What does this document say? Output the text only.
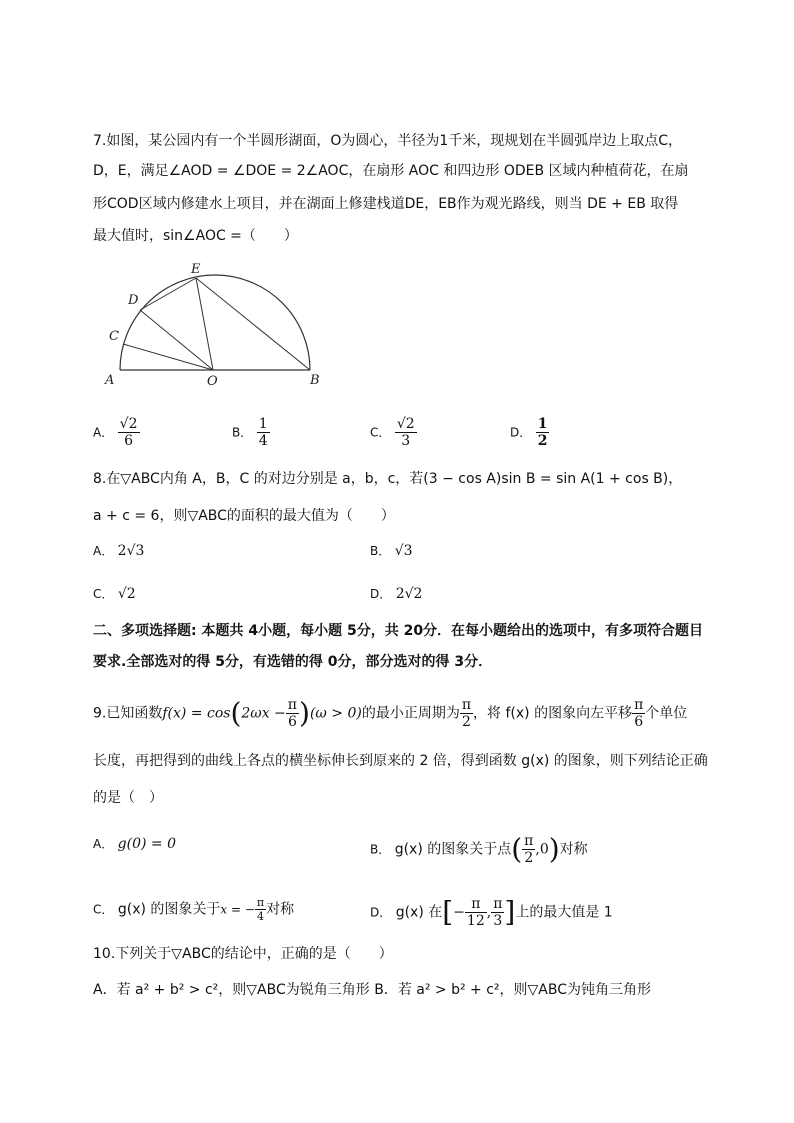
7.如图，某公园内有一个半圆形湖面，O为圆心，半径为1千米，现规划在半圆弧岸边上取点C，
D，E，满足∠AOD = ∠DOE = 2∠AOC，在扇形 AOC 和四边形 ODEB 区域内种植荷花，在扇
形COD区域内修建水上项目，并在湖面上修建栈道DE，EB作为观光路线，则当 DE + EB 取得
最大值时，sin∠AOC =（　　）
A	O	B
C
D
E
A． $\frac{√2}{6}$	B． $\frac{1}{4}$	C． $\frac{√2}{3}$	D． $\frac{1}{2}$
8.在▽ABC内角 A，B，C 的对边分别是 a，b，c，若(3 − cos A)sin B = sin A(1 + cos B)，
a + c = 6，则▽ABC的面积的最大值为（　　）
A． 2√3	B． √3
C． √2	D． 2√2
二、多项选择题: 本题共 4小题，每小题 5分，共 20分．在每小题给出的选项中，有多项符合题目
要求.全部选对的得 5分，有选错的得 0分，部分选对的得 3分．
9.已知函数$f(x) = \cos(2\omega x - \frac{\pi}{6} )(\omega > 0)$的最小正周期为 $\frac{\pi}{2}$ ，将 f(x) 的图象向左平移 $\frac{\pi}{6}$ 个单位
长度，再把得到的曲线上各点的横坐标伸长到原来的 2 倍，得到函数 g(x) 的图象，则下列结论正确
的是（　）
A． g(0) = 0	B． g(x) 的图象关于点( $\frac{\pi}{2} ,0$)对称
C． g(x) 的图象关于x = − $\frac{\pi}{4}$ 对称	D． g(x) 在[− $\frac{\pi}{12}$ , $\frac{\pi}{3}$ ]上的最大值是 1
10.下列关于▽ABC的结论中，正确的是（　　）
A．若 a² + b² > c²，则▽ABC为锐角三角形 B．若 a² > b² + c²，则▽ABC为钝角三角形
